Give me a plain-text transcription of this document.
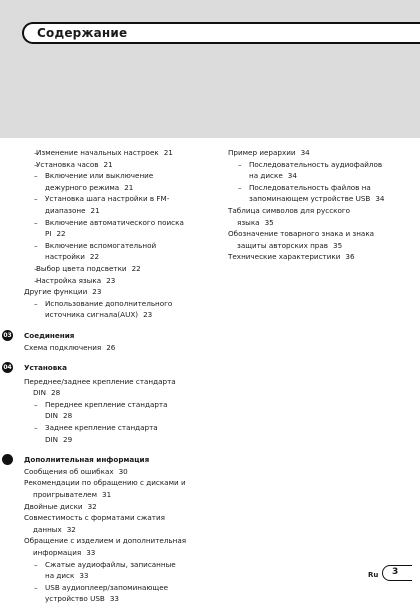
Содержание
– Изменение начальных настроек 21
– Установка часов 21
– Включение или выключение
дежурного режима 21
– Установка шага настройки в FM-
диапазоне 21
– Включение автоматического поиска
PI 22
– Включение вспомогательной
настройки 22
– Выбор цвета подсветки 22
– Настройка языка 23
Другие функции 23
– Использование дополнительного
источника сигнала(AUX) 23
03 Соединения
Схема подключения 26
04 Установка
Переднее/заднее крепление стандарта
DIN 28
– Переднее крепление стандарта
DIN 28
– Заднее крепление стандарта
DIN 29
Дополнительная информация
Сообщения об ошибках 30
Рекомендации по обращению с дисками и
проигрывателем 31
Двойные диски 32
Совместимость с форматами сжатия
данных 32
Обращение с изделием и дополнительная
информация 33
– Сжатые аудиофайлы, записанные
на диск 33
– USB аудиоплеер/запоминающее
устройство USB 33
Пример иерархии 34
– Последовательность аудиофайлов
на диске 34
– Последовательность файлов на
запоминающем устройстве USB 34
Таблица символов для русского
языка 35
Обозначение товарного знака и знака
защиты авторских прав 35
Технические характеристики 36
Ru	3
